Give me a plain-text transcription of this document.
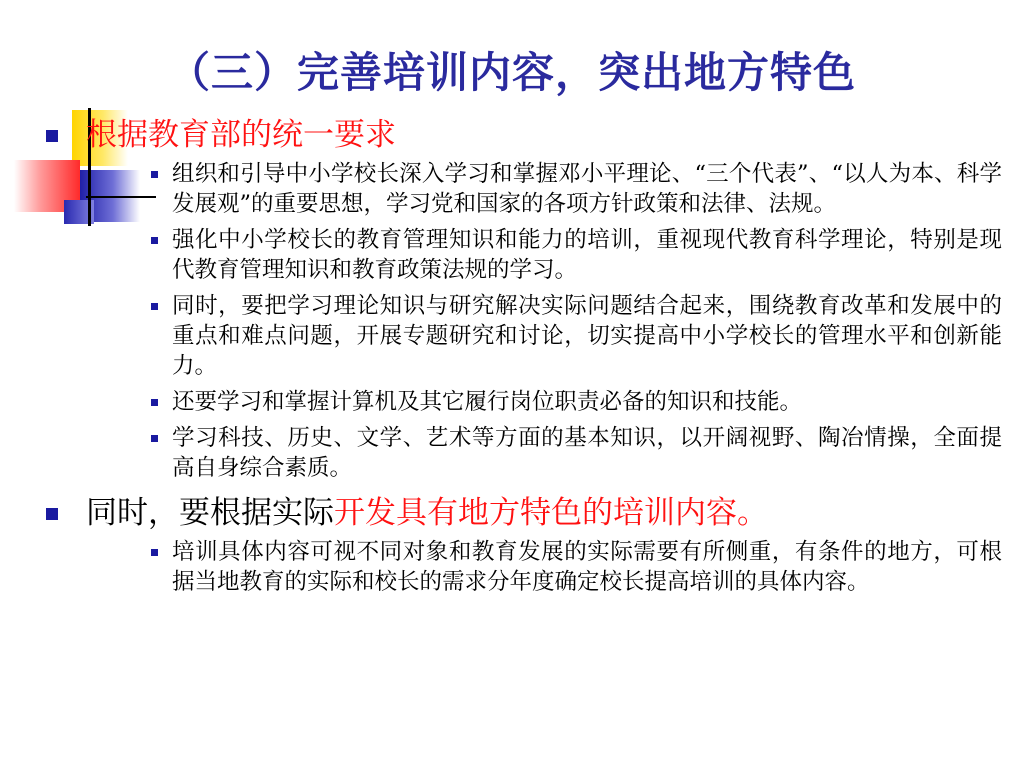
（三）完善培训内容，突出地方特色
根据教育部的统一要求
组织和引导中小学校长深入学习和掌握邓小平理论、“三个代表”、“以人为本、科学发展观”的重要思想，学习党和国家的各项方针政策和法律、法规。
强化中小学校长的教育管理知识和能力的培训，重视现代教育科学理论，特别是现代教育管理知识和教育政策法规的学习。
同时，要把学习理论知识与研究解决实际问题结合起来，围绕教育改革和发展中的重点和难点问题，开展专题研究和讨论，切实提高中小学校长的管理水平和创新能力。
还要学习和掌握计算机及其它履行岗位职责必备的知识和技能。
学习科技、历史、文学、艺术等方面的基本知识，以开阔视野、陶冶情操，全面提高自身综合素质。
同时，要根据实际开发具有地方特色的培训内容。
培训具体内容可视不同对象和教育发展的实际需要有所侧重，有条件的地方，可根据当地教育的实际和校长的需求分年度确定校长提高培训的具体内容。
